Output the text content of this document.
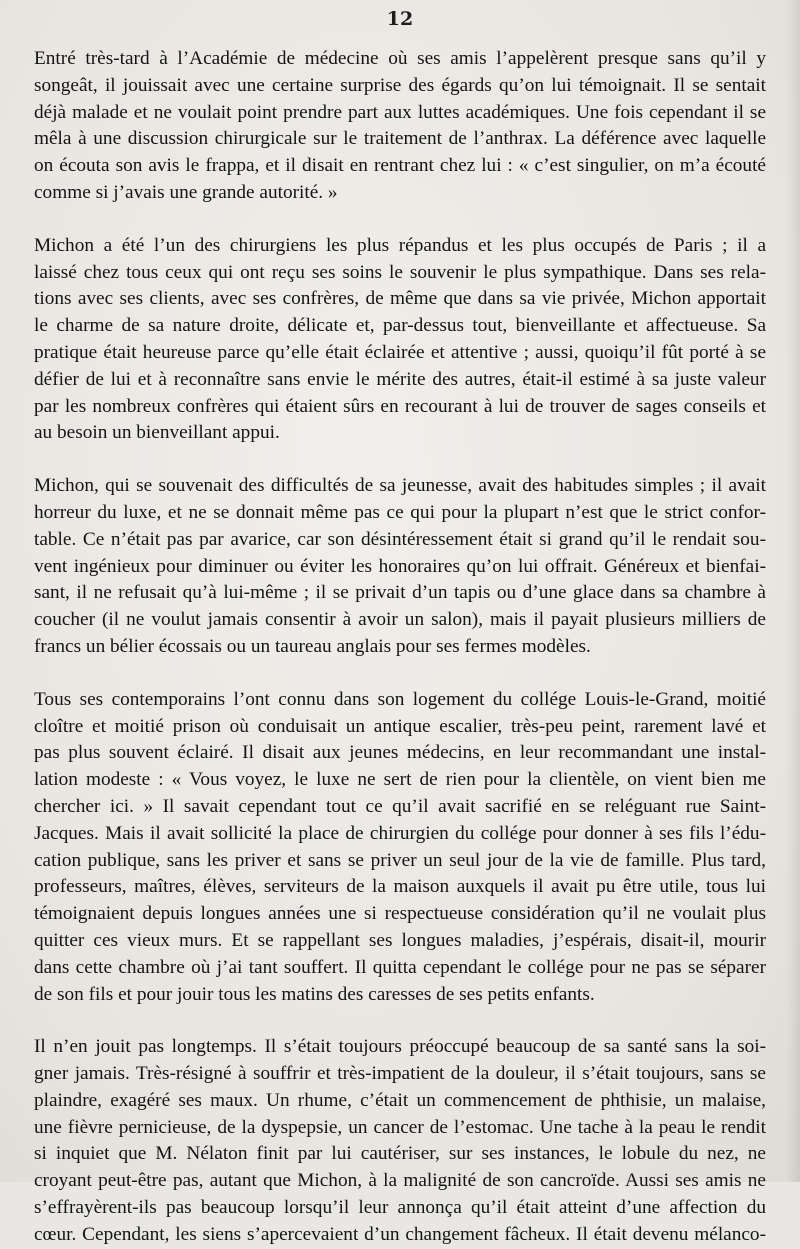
12

Entré très-tard à l’Académie de médecine où ses amis l’appelèrent presque sans qu’il y
songeât, il jouissait avec une certaine surprise des égards qu’on lui témoignait. Il se sentait
déjà malade et ne voulait point prendre part aux luttes académiques. Une fois cependant il se
mêla à une discussion chirurgicale sur le traitement de l’anthrax. La déférence avec laquelle
on écouta son avis le frappa, et il disait en rentrant chez lui : « c’est singulier, on m’a écouté
comme si j’avais une grande autorité. »

Michon a été l’un des chirurgiens les plus répandus et les plus occupés de Paris ; il a
laissé chez tous ceux qui ont reçu ses soins le souvenir le plus sympathique. Dans ses rela-
tions avec ses clients, avec ses confrères, de même que dans sa vie privée, Michon apportait
le charme de sa nature droite, délicate et, par-dessus tout, bienveillante et affectueuse. Sa
pratique était heureuse parce qu’elle était éclairée et attentive ; aussi, quoiqu’il fût porté à se
défier de lui et à reconnaître sans envie le mérite des autres, était-il estimé à sa juste valeur
par les nombreux confrères qui étaient sûrs en recourant à lui de trouver de sages conseils et
au besoin un bienveillant appui.

Michon, qui se souvenait des difficultés de sa jeunesse, avait des habitudes simples ; il avait
horreur du luxe, et ne se donnait même pas ce qui pour la plupart n’est que le strict confor-
table. Ce n’était pas par avarice, car son désintéressement était si grand qu’il le rendait sou-
vent ingénieux pour diminuer ou éviter les honoraires qu’on lui offrait. Généreux et bienfai-
sant, il ne refusait qu’à lui-même ; il se privait d’un tapis ou d’une glace dans sa chambre à
coucher (il ne voulut jamais consentir à avoir un salon), mais il payait plusieurs milliers de
francs un bélier écossais ou un taureau anglais pour ses fermes modèles.

Tous ses contemporains l’ont connu dans son logement du collége Louis-le-Grand, moitié
cloître et moitié prison où conduisait un antique escalier, très-peu peint, rarement lavé et
pas plus souvent éclairé. Il disait aux jeunes médecins, en leur recommandant une instal-
lation modeste : « Vous voyez, le luxe ne sert de rien pour la clientèle, on vient bien me
chercher ici. » Il savait cependant tout ce qu’il avait sacrifié en se reléguant rue Saint-
Jacques. Mais il avait sollicité la place de chirurgien du collége pour donner à ses fils l’édu-
cation publique, sans les priver et sans se priver un seul jour de la vie de famille. Plus tard,
professeurs, maîtres, élèves, serviteurs de la maison auxquels il avait pu être utile, tous lui
témoignaient depuis longues années une si respectueuse considération qu’il ne voulait plus
quitter ces vieux murs. Et se rappellant ses longues maladies, j’espérais, disait-il, mourir
dans cette chambre où j’ai tant souffert. Il quitta cependant le collége pour ne pas se séparer
de son fils et pour jouir tous les matins des caresses de ses petits enfants.

Il n’en jouit pas longtemps. Il s’était toujours préoccupé beaucoup de sa santé sans la soi-
gner jamais. Très-résigné à souffrir et très-impatient de la douleur, il s’était toujours, sans se
plaindre, exagéré ses maux. Un rhume, c’était un commencement de phthisie, un malaise,
une fièvre pernicieuse, de la dyspepsie, un cancer de l’estomac. Une tache à la peau le rendit
si inquiet que M. Nélaton finit par lui cautériser, sur ses instances, le lobule du nez, ne
croyant peut-être pas, autant que Michon, à la malignité de son cancroïde. Aussi ses amis ne
s’effrayèrent-ils pas beaucoup lorsqu’il leur annonça qu’il était atteint d’une affection du
cœur. Cependant, les siens s’apercevaient d’un changement fâcheux. Il était devenu mélanco-
